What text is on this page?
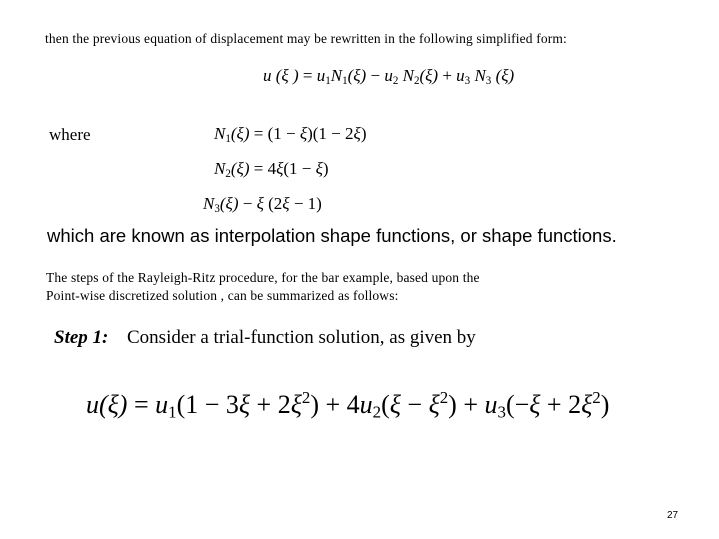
then the previous equation of displacement may be rewritten in the following simplified form:
u (ξ ) = $u_1N_1(\xi) - u_2$ $N_2(\xi) + u_3$ $N_3$ (ξ)
where	$N_1(\xi) = (1 - \xi)(1 - 2\xi)$
$N_2(\xi) = 4\xi(1 - \xi)$
$N_3(\xi) - \xi$ (2ξ − 1)
which are known as interpolation shape functions, or shape functions.
The steps of the Rayleigh-Ritz procedure, for the bar example, based upon the
Point-wise discretized solution , can be summarized as follows:
Step 1: Consider a trial-function solution, as given by
$u(\xi) = u_1(1 - 3\xi + 2\xi^2) + 4u_2(\xi - \xi^2) + u_3(-\xi + 2\xi^2)$
27
